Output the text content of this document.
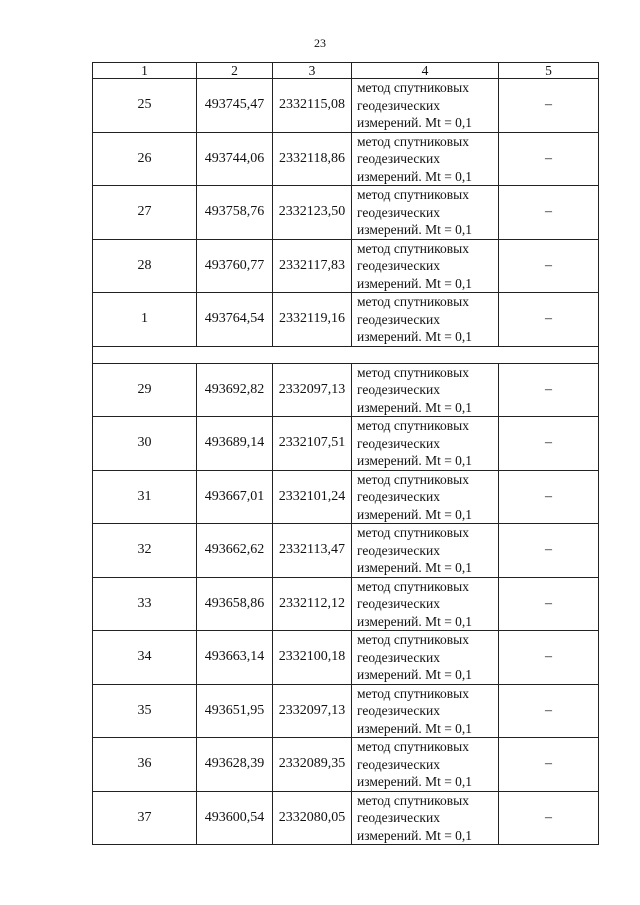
23
1	2	3	4	5
25	493745,47	2332115,08	метод спутниковых
геодезических
измерений. Mt = 0,1	–
26	493744,06	2332118,86	метод спутниковых
геодезических
измерений. Mt = 0,1	–
27	493758,76	2332123,50	метод спутниковых
геодезических
измерений. Mt = 0,1	–
28	493760,77	2332117,83	метод спутниковых
геодезических
измерений. Mt = 0,1	–
1	493764,54	2332119,16	метод спутниковых
геодезических
измерений. Mt = 0,1	–

29	493692,82	2332097,13	метод спутниковых
геодезических
измерений. Mt = 0,1	–
30	493689,14	2332107,51	метод спутниковых
геодезических
измерений. Mt = 0,1	–
31	493667,01	2332101,24	метод спутниковых
геодезических
измерений. Mt = 0,1	–
32	493662,62	2332113,47	метод спутниковых
геодезических
измерений. Mt = 0,1	–
33	493658,86	2332112,12	метод спутниковых
геодезических
измерений. Mt = 0,1	–
34	493663,14	2332100,18	метод спутниковых
геодезических
измерений. Mt = 0,1	–
35	493651,95	2332097,13	метод спутниковых
геодезических
измерений. Mt = 0,1	–
36	493628,39	2332089,35	метод спутниковых
геодезических
измерений. Mt = 0,1	–
37	493600,54	2332080,05	метод спутниковых
геодезических
измерений. Mt = 0,1	–
